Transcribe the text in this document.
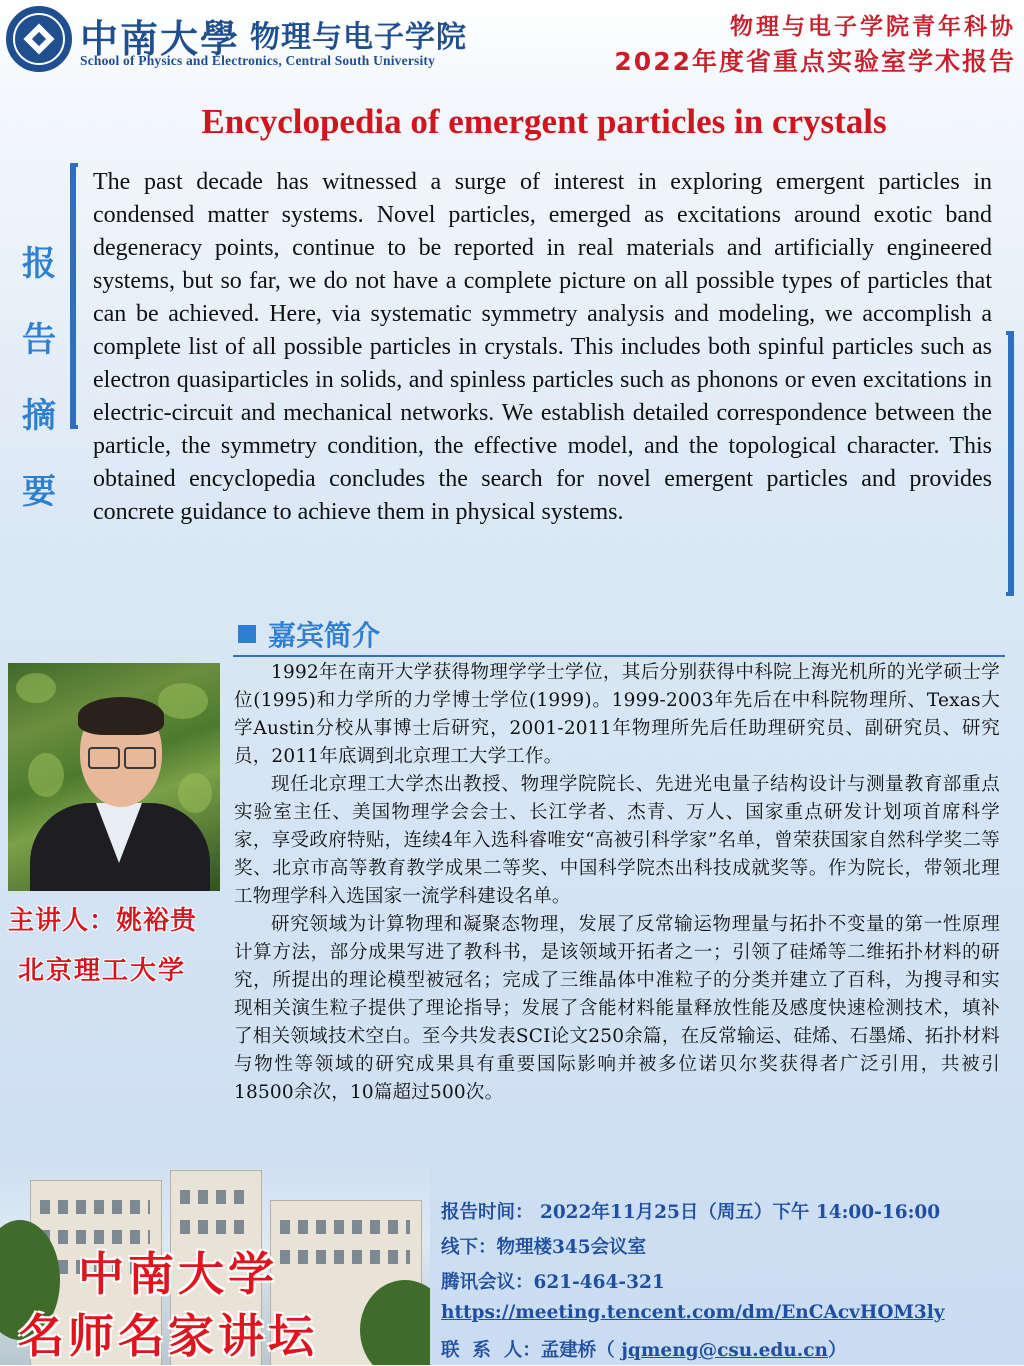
中南大學 物理与电子学院
School of Physics and Electronics, Central South University
物理与电子学院青年科协
2022年度省重点实验室学术报告
Encyclopedia of emergent particles in crystals
报
告
摘
要
The past decade has witnessed a surge of interest in exploring emergent particles in condensed matter systems. Novel particles, emerged as excitations around exotic band degeneracy points, continue to be reported in real materials and artificially engineered systems, but so far, we do not have a complete picture on all possible types of particles that can be achieved. Here, via systematic symmetry analysis and modeling, we accomplish a complete list of all possible particles in crystals. This includes both spinful particles such as electron quasiparticles in solids, and spinless particles such as phonons or even excitations in electric-circuit and mechanical networks. We establish detailed correspondence between the particle, the symmetry condition, the effective model, and the topological character. This obtained encyclopedia concludes the search for novel emergent particles and provides concrete guidance to achieve them in physical systems.
嘉宾简介

1992年在南开大学获得物理学学士学位，其后分别获得中科院上海光机所的光学硕士学位(1995)和力学所的力学博士学位(1999)。1999-2003年先后在中科院物理所、Texas大学Austin分校从事博士后研究，2001-2011年物理所先后任助理研究员、副研究员、研究员，2011年底调到北京理工大学工作。

现任北京理工大学杰出教授、物理学院院长、先进光电量子结构设计与测量教育部重点实验室主任、美国物理学会会士、长江学者、杰青、万人、国家重点研发计划项首席科学家，享受政府特贴，连续4年入选科睿唯安“高被引科学家”名单，曾荣获国家自然科学奖二等奖、北京市高等教育教学成果二等奖、中国科学院杰出科技成就奖等。作为院长，带领北理工物理学科入选国家一流学科建设名单。

研究领域为计算物理和凝聚态物理，发展了反常输运物理量与拓扑不变量的第一性原理计算方法，部分成果写进了教科书，是该领域开拓者之一；引领了硅烯等二维拓扑材料的研究，所提出的理论模型被冠名；完成了三维晶体中准粒子的分类并建立了百科，为搜寻和实现相关演生粒子提供了理论指导；发展了含能材料能量释放性能及感度快速检测技术，填补了相关领域技术空白。至今共发表SCI论文250余篇，在反常输运、硅烯、石墨烯、拓扑材料与物性等领域的研究成果具有重要国际影响并被多位诺贝尔奖获得者广泛引用，共被引18500余次，10篇超过500次。

主讲人：姚裕贵
北京理工大学
中南大学
名师名家讲坛
报告时间： 2022年11月25日（周五）下午 14:00-16:00
线下：物理楼345会议室
腾讯会议：621-464-321
https://meeting.tencent.com/dm/EnCAcvHOM3ly
联  系  人：孟建桥（ jqmeng@csu.edu.cn）
